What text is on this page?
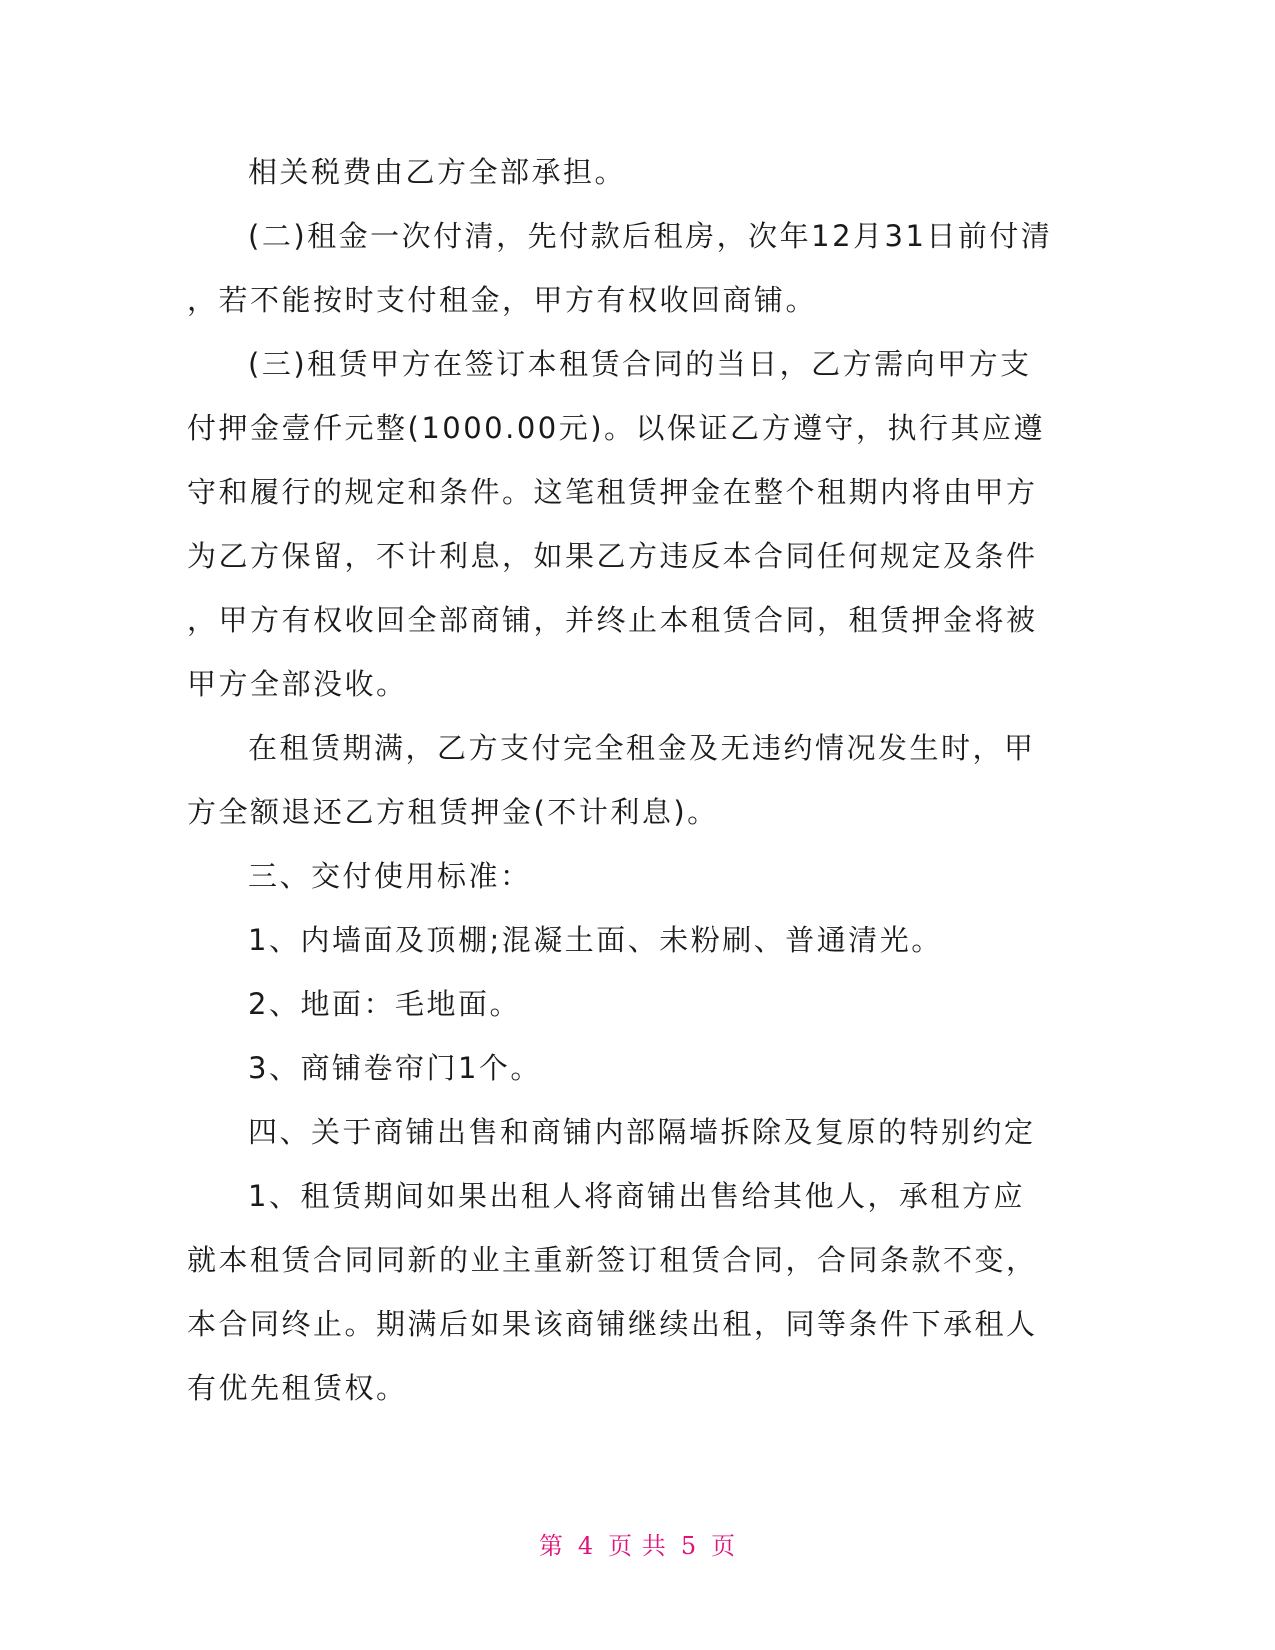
相关税费由乙方全部承担。
(二)租金一次付清，先付款后租房，次年12月31日前付清
，若不能按时支付租金，甲方有权收回商铺。
(三)租赁甲方在签订本租赁合同的当日，乙方需向甲方支
付押金壹仟元整(1000.00元)。以保证乙方遵守，执行其应遵
守和履行的规定和条件。这笔租赁押金在整个租期内将由甲方
为乙方保留，不计利息，如果乙方违反本合同任何规定及条件
，甲方有权收回全部商铺，并终止本租赁合同，租赁押金将被
甲方全部没收。
在租赁期满，乙方支付完全租金及无违约情况发生时，甲
方全额退还乙方租赁押金(不计利息)。
三、交付使用标准：
1、内墙面及顶棚;混凝土面、未粉刷、普通清光。
2、地面：毛地面。
3、商铺卷帘门1个。
四、关于商铺出售和商铺内部隔墙拆除及复原的特别约定
1、租赁期间如果出租人将商铺出售给其他人，承租方应
就本租赁合同同新的业主重新签订租赁合同，合同条款不变，
本合同终止。期满后如果该商铺继续出租，同等条件下承租人
有优先租赁权。
第 4 页 共 5 页
